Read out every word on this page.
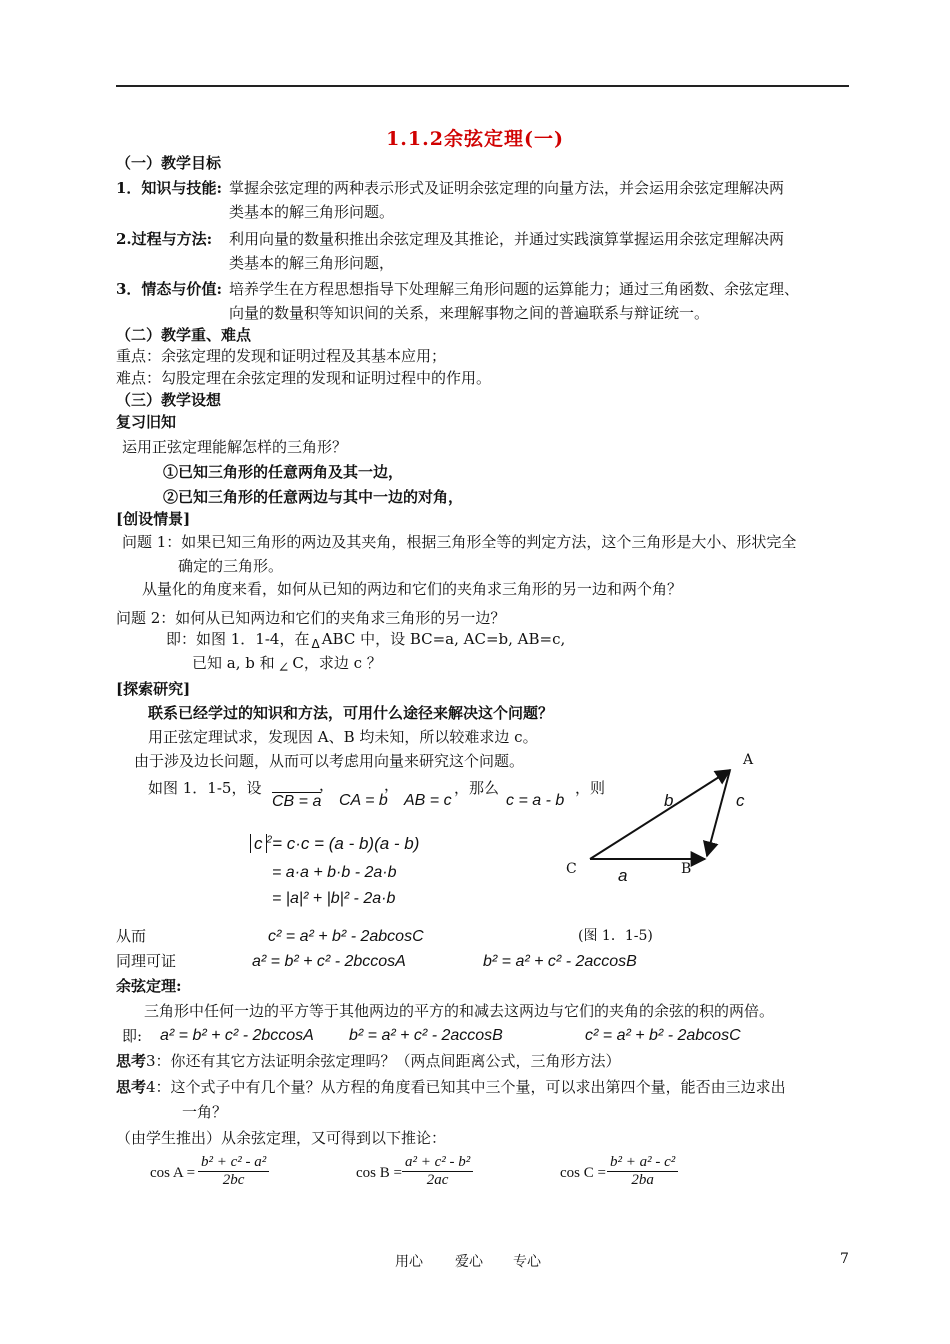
1.1.2余弦定理(一)
（一）教学目标
1．知识与技能: 掌握余弦定理的两种表示形式及证明余弦定理的向量方法，并会运用余弦定理解决两
类基本的解三角形问题。
2.过程与方法: 利用向量的数量积推出余弦定理及其推论，并通过实践演算掌握运用余弦定理解决两
类基本的解三角形问题，
3．情态与价值: 培养学生在方程思想指导下处理解三角形问题的运算能力；通过三角函数、余弦定理、
向量的数量积等知识间的关系，来理解事物之间的普遍联系与辩证统一。
（二）教学重、难点
重点：余弦定理的发现和证明过程及其基本应用；
难点：勾股定理在余弦定理的发现和证明过程中的作用。
（三）教学设想
复习旧知
运用正弦定理能解怎样的三角形？
①已知三角形的任意两角及其一边，
②已知三角形的任意两边与其中一边的对角，
[创设情景]
问题 1：如果已知三角形的两边及其夹角，根据三角形全等的判定方法，这个三角形是大小、形状完全
确定的三角形。
从量化的角度来看，如何从已知的两边和它们的夹角求三角形的另一边和两个角？
问题 2：如何从已知两边和它们的夹角求三角形的另一边？
即：如图 1．1-4，在 $_\Delta$ ABC 中，设 BC=a, AC=b, AB=c,
已知 a, b 和 ∠ C，求边 c ？
[探索研究]
联系已经学过的知识和方法，可用什么途径来解决这个问题？
用正弦定理试求，发现因 A、B 均未知，所以较难求边 c。
由于涉及边长问题，从而可以考虑用向量来研究这个问题。
如图 1．1-5，设	，	，	，那么	，则
CB = a CA = b AB = c	c = a - b
c $^2$= c·c = (a - b)(a - b)
= a·a + b·b - 2a·b
= |a|² + |b|² - 2a·b
A
B
C a
b	c
从而	c² = a² + b² - 2abcosC	(图 1．1-5)
同理可证	a² = b² + c² - 2bccosA	b² = a² + c² - 2accosB
余弦定理:
三角形中任何一边的平方等于其他两边的平方的和减去这两边与它们的夹角的余弦的积的两倍。
即: a² = b² + c² - 2bccosA b² = a² + c² - 2accosB	c² = a² + b² - 2abcosC
思考3：你还有其它方法证明余弦定理吗？（两点间距离公式，三角形方法）
思考4：这个式子中有几个量？从方程的角度看已知其中三个量，可以求出第四个量，能否由三边求出
一角？
（由学生推出）从余弦定理，又可得到以下推论：
$\cos A = \frac{\text{b² + c² - a²}}{2bc}$	$\cos B = \frac{\text{a² + c² - b²}}{2ac}$	$\cos C = \frac{\text{b² + a² - c²}}{2ba}$
用心 爱心 专心	7
